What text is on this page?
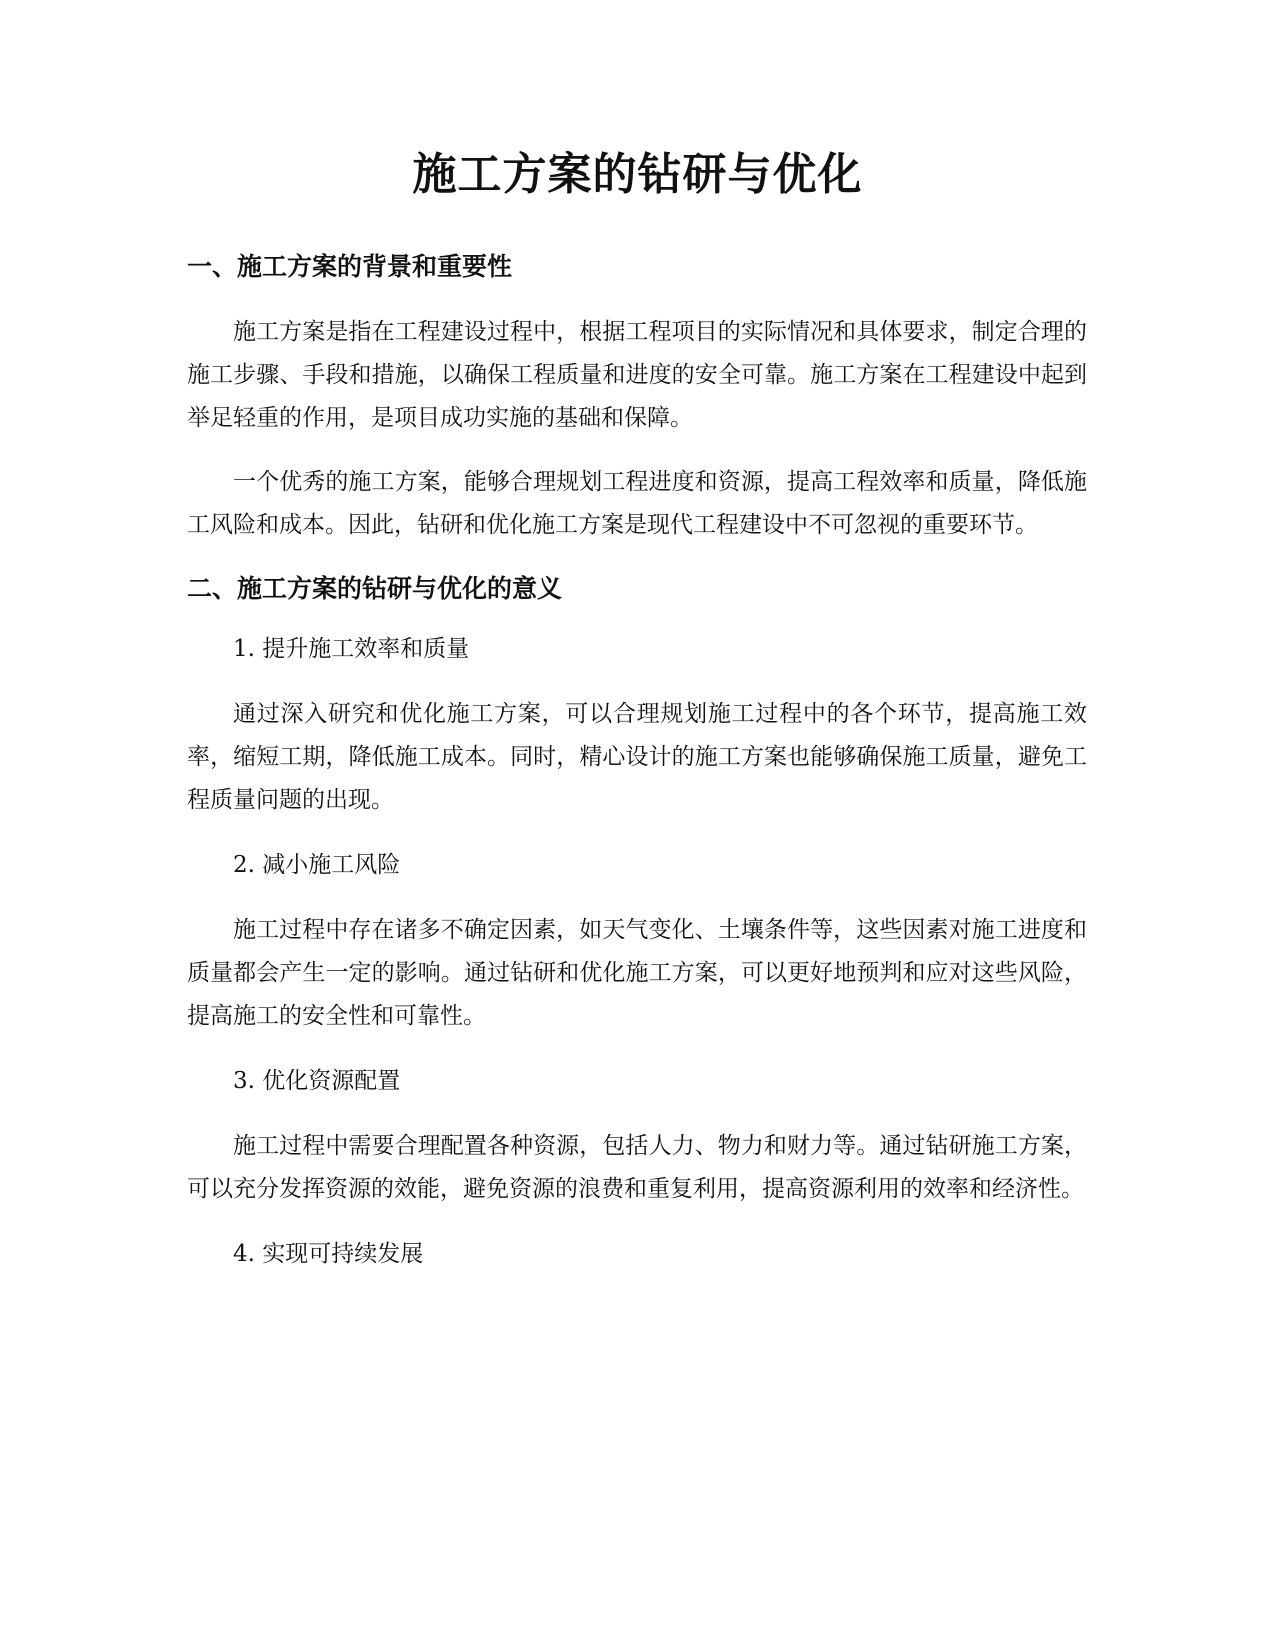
施工方案的钻研与优化
一、施工方案的背景和重要性

施工方案是指在工程建设过程中，根据工程项目的实际情况和具体要求，制定合理的施工步骤、手段和措施，以确保工程质量和进度的安全可靠。施工方案在工程建设中起到举足轻重的作用，是项目成功实施的基础和保障。

一个优秀的施工方案，能够合理规划工程进度和资源，提高工程效率和质量，降低施工风险和成本。因此，钻研和优化施工方案是现代工程建设中不可忽视的重要环节。

二、施工方案的钻研与优化的意义

1. 提升施工效率和质量

通过深入研究和优化施工方案，可以合理规划施工过程中的各个环节，提高施工效率，缩短工期，降低施工成本。同时，精心设计的施工方案也能够确保施工质量，避免工程质量问题的出现。

2. 减小施工风险

施工过程中存在诸多不确定因素，如天气变化、土壤条件等，这些因素对施工进度和质量都会产生一定的影响。通过钻研和优化施工方案，可以更好地预判和应对这些风险，提高施工的安全性和可靠性。

3. 优化资源配置

施工过程中需要合理配置各种资源，包括人力、物力和财力等。通过钻研施工方案，可以充分发挥资源的效能，避免资源的浪费和重复利用，提高资源利用的效率和经济性。

4. 实现可持续发展
